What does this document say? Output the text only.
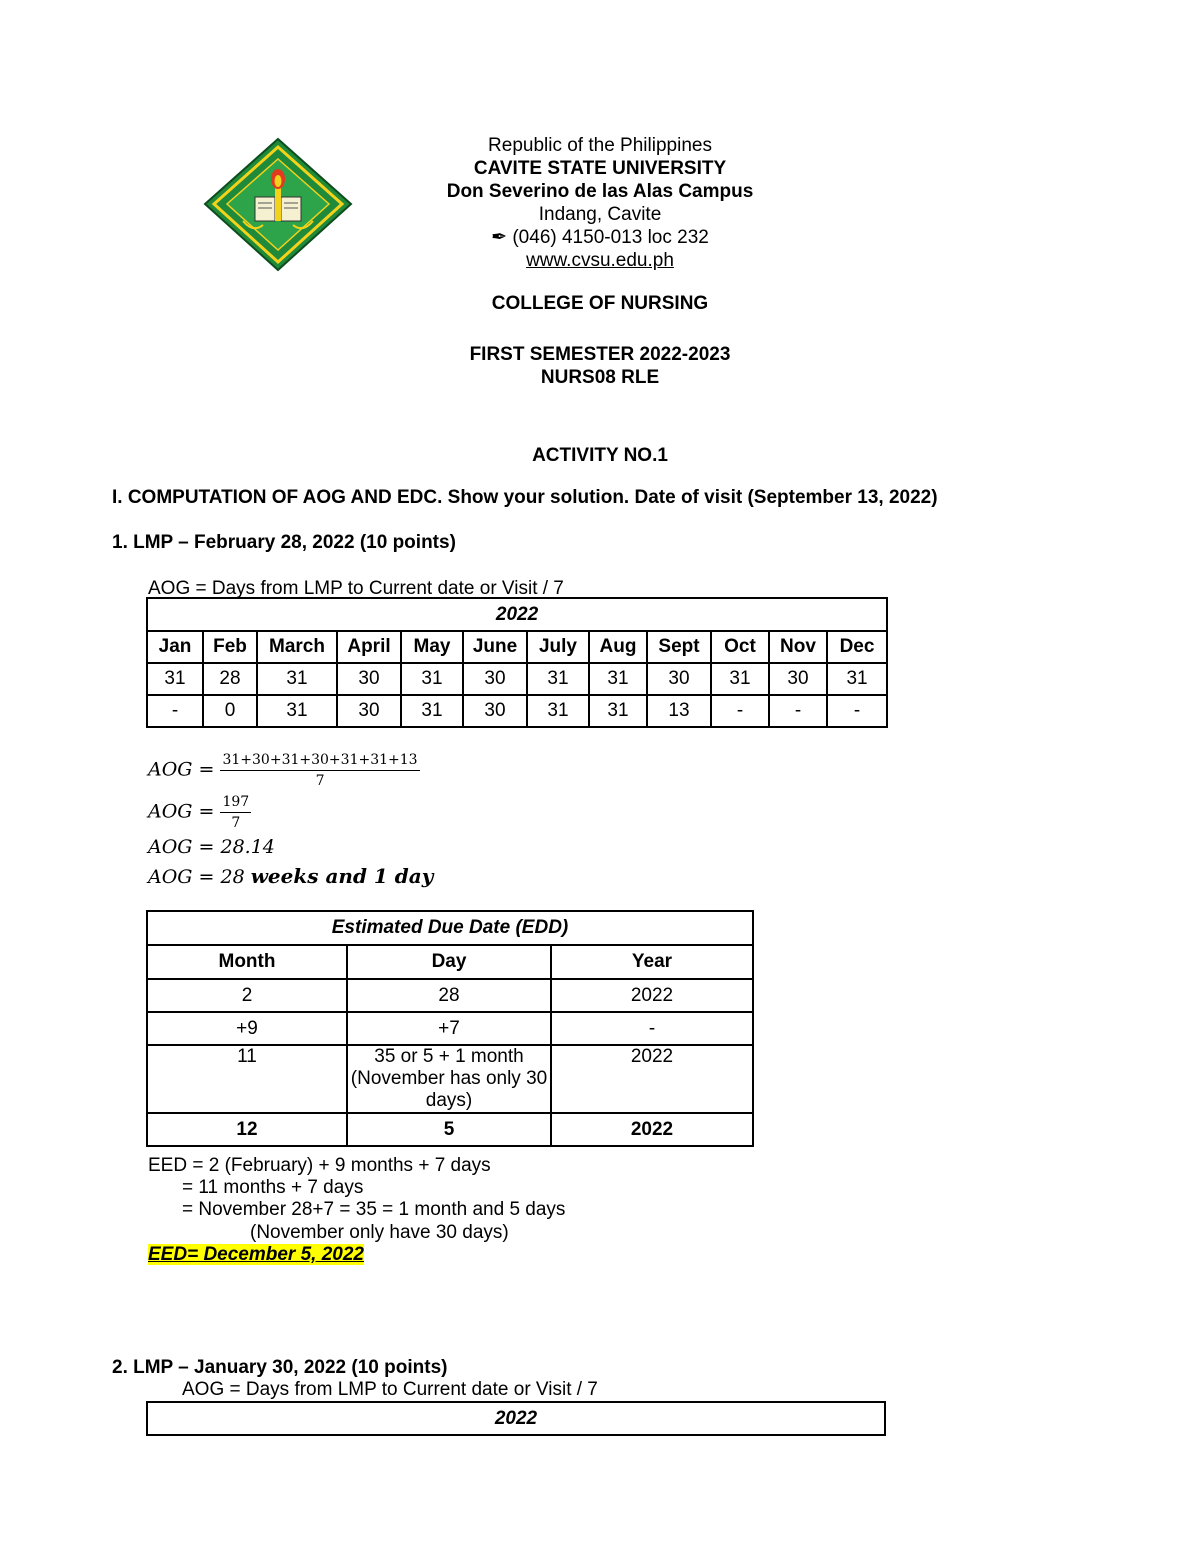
Republic of the Philippines
CAVITE STATE UNIVERSITY
Don Severino de las Alas Campus
Indang, Cavite
✒ (046) 4150-013 loc 232
www.cvsu.edu.ph
COLLEGE OF NURSING
FIRST SEMESTER 2022-2023
NURS08 RLE
ACTIVITY NO.1
I. COMPUTATION OF AOG AND EDC. Show your solution. Date of visit (September 13, 2022)
1. LMP – February 28, 2022 (10 points)
AOG = Days from LMP to Current date or Visit / 7
2022											
Jan	Feb	March	April	May	June	July	Aug	Sept	Oct	Nov	Dec
31	28	31	30	31	30	31	31	30	31	30	31
-	0	31	30	31	30	31	31	13	-	-	-
AOG = $\frac{31+30+31+30+31+31+13}{7}$
AOG = $\frac{197}{7}$
AOG = 28.14
AOG = 28 weeks and 1 day
Estimated Due Date (EDD)		
Month	Day	Year
2	28	2022
+9	+7	-
11	35 or 5 + 1 month (November has only 30 days)	2022
12	5	2022
EED = 2 (February) + 9 months + 7 days
= 11 months + 7 days
= November 28+7 = 35 = 1 month and 5 days
(November only have 30 days)
EED= December 5, 2022
2. LMP – January 30, 2022 (10 points)
AOG = Days from LMP to Current date or Visit / 7
2022
